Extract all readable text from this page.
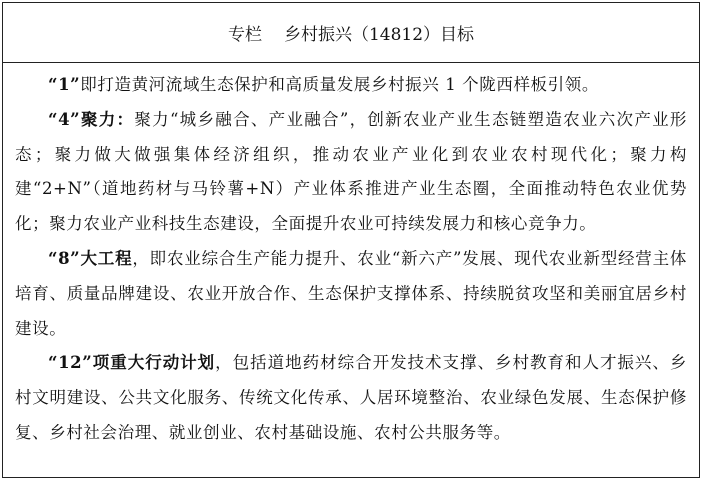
专栏 乡村振兴（14812）目标

“1”即打造黄河流域生态保护和高质量发展乡村振兴 1 个陇西样板引领。

“4”聚力：聚力“城乡融合、产业融合”，创新农业产业生态链塑造农业六次产业形态；聚力做大做强集体经济组织，推动农业产业化到农业农村现代化；聚力构建“2+N”（道地药材与马铃薯+N）产业体系推进产业生态圈，全面推动特色农业优势化；聚力农业产业科技生态建设，全面提升农业可持续发展力和核心竞争力。

“8”大工程，即农业综合生产能力提升、农业“新六产”发展、现代农业新型经营主体培育、质量品牌建设、农业开放合作、生态保护支撑体系、持续脱贫攻坚和美丽宜居乡村建设。

“12”项重大行动计划，包括道地药材综合开发技术支撑、乡村教育和人才振兴、乡村文明建设、公共文化服务、传统文化传承、人居环境整治、农业绿色发展、生态保护修复、乡村社会治理、就业创业、农村基础设施、农村公共服务等。
